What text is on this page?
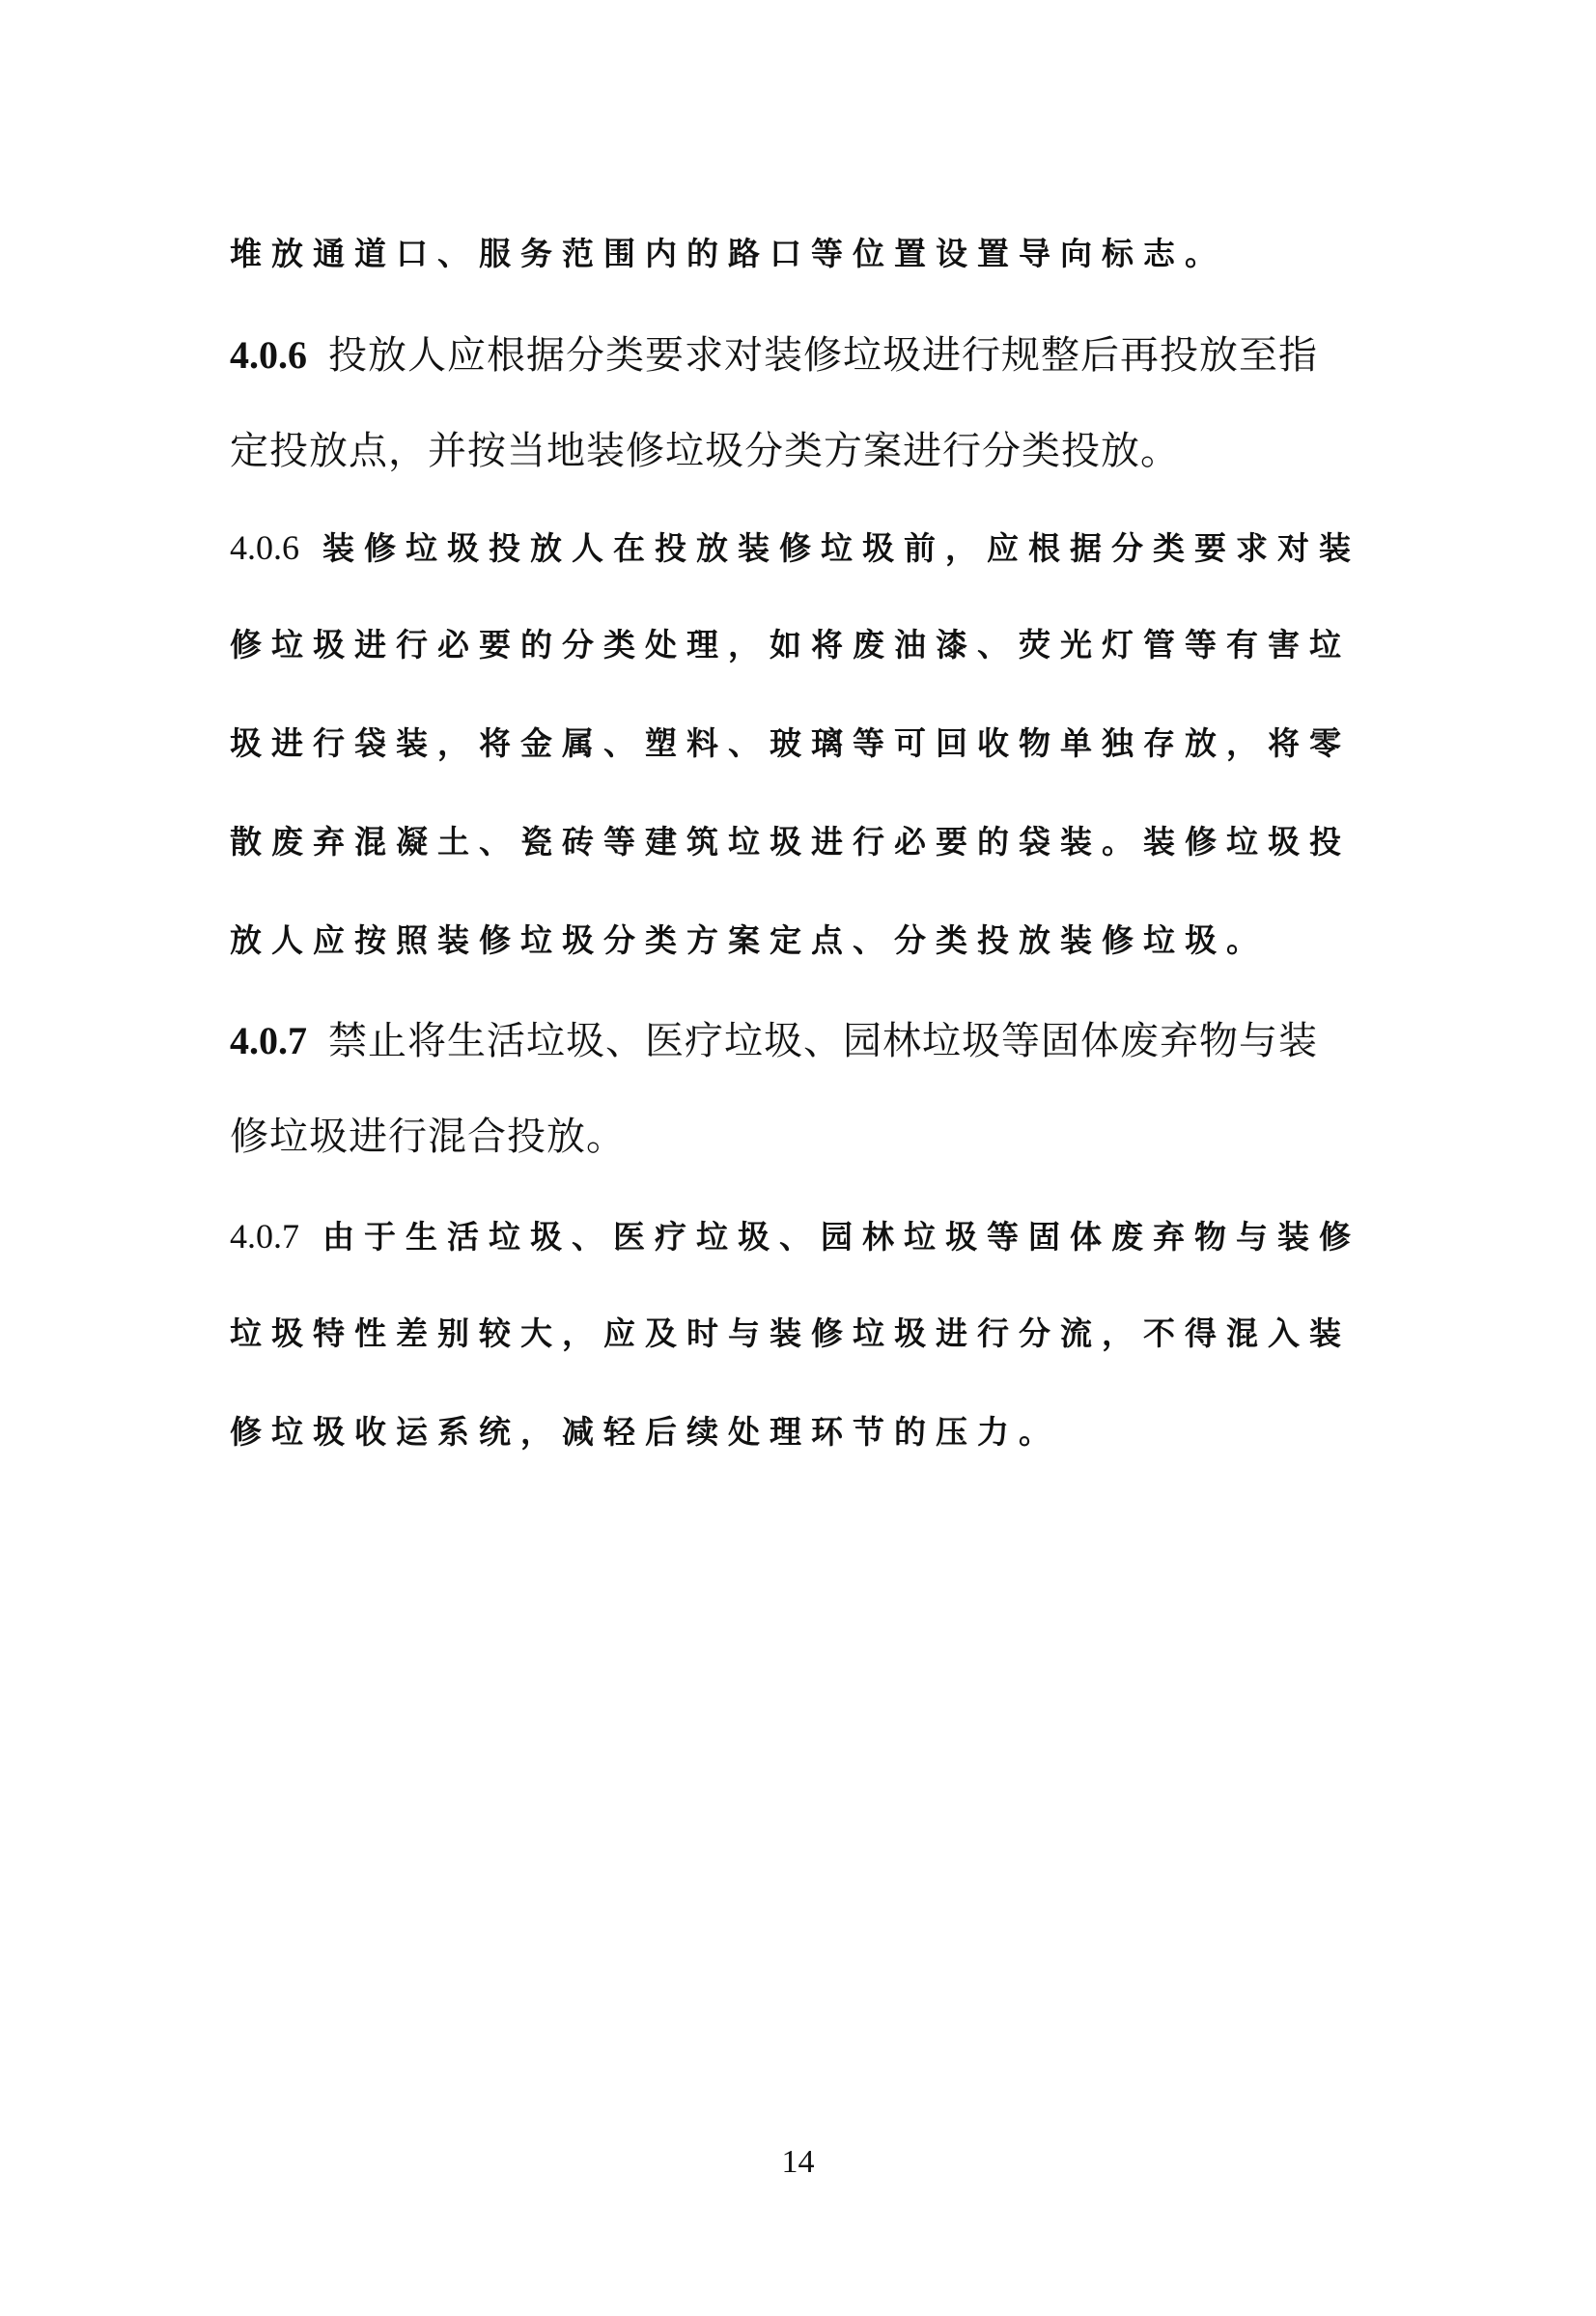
堆放通道口、服务范围内的路口等位置设置导向标志。
4.0.6 投放人应根据分类要求对装修垃圾进行规整后再投放至指
定投放点，并按当地装修垃圾分类方案进行分类投放。
4.0.6 装修垃圾投放人在投放装修垃圾前，应根据分类要求对装
修垃圾进行必要的分类处理，如将废油漆、荧光灯管等有害垃
圾进行袋装，将金属、塑料、玻璃等可回收物单独存放，将零
散废弃混凝土、瓷砖等建筑垃圾进行必要的袋装。装修垃圾投
放人应按照装修垃圾分类方案定点、分类投放装修垃圾。
4.0.7 禁止将生活垃圾、医疗垃圾、园林垃圾等固体废弃物与装
修垃圾进行混合投放。
4.0.7 由于生活垃圾、医疗垃圾、园林垃圾等固体废弃物与装修
垃圾特性差别较大，应及时与装修垃圾进行分流，不得混入装
修垃圾收运系统，减轻后续处理环节的压力。
14
